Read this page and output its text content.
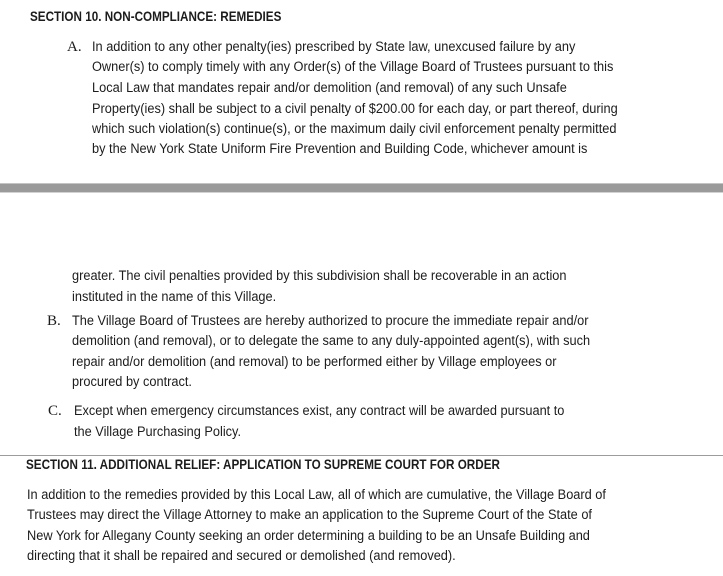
SECTION 10. NON-COMPLIANCE: REMEDIES
A. In addition to any other penalty(ies) prescribed by State law, unexcused failure by any
Owner(s) to comply timely with any Order(s) of the Village Board of Trustees pursuant to this
Local Law that mandates repair and/or demolition (and removal) of any such Unsafe
Property(ies) shall be subject to a civil penalty of $200.00 for each day, or part thereof, during
which such violation(s) continue(s), or the maximum daily civil enforcement penalty permitted
by the New York State Uniform Fire Prevention and Building Code, whichever amount is
greater. The civil penalties provided by this subdivision shall be recoverable in an action
instituted in the name of this Village.
B. The Village Board of Trustees are hereby authorized to procure the immediate repair and/or
demolition (and removal), or to delegate the same to any duly-appointed agent(s), with such
repair and/or demolition (and removal) to be performed either by Village employees or
procured by contract.
C. Except when emergency circumstances exist, any contract will be awarded pursuant to
the Village Purchasing Policy.
SECTION 11. ADDITIONAL RELIEF: APPLICATION TO SUPREME COURT FOR ORDER
In addition to the remedies provided by this Local Law, all of which are cumulative, the Village Board of
Trustees may direct the Village Attorney to make an application to the Supreme Court of the State of
New York for Allegany County seeking an order determining a building to be an Unsafe Building and
directing that it shall be repaired and secured or demolished (and removed).
